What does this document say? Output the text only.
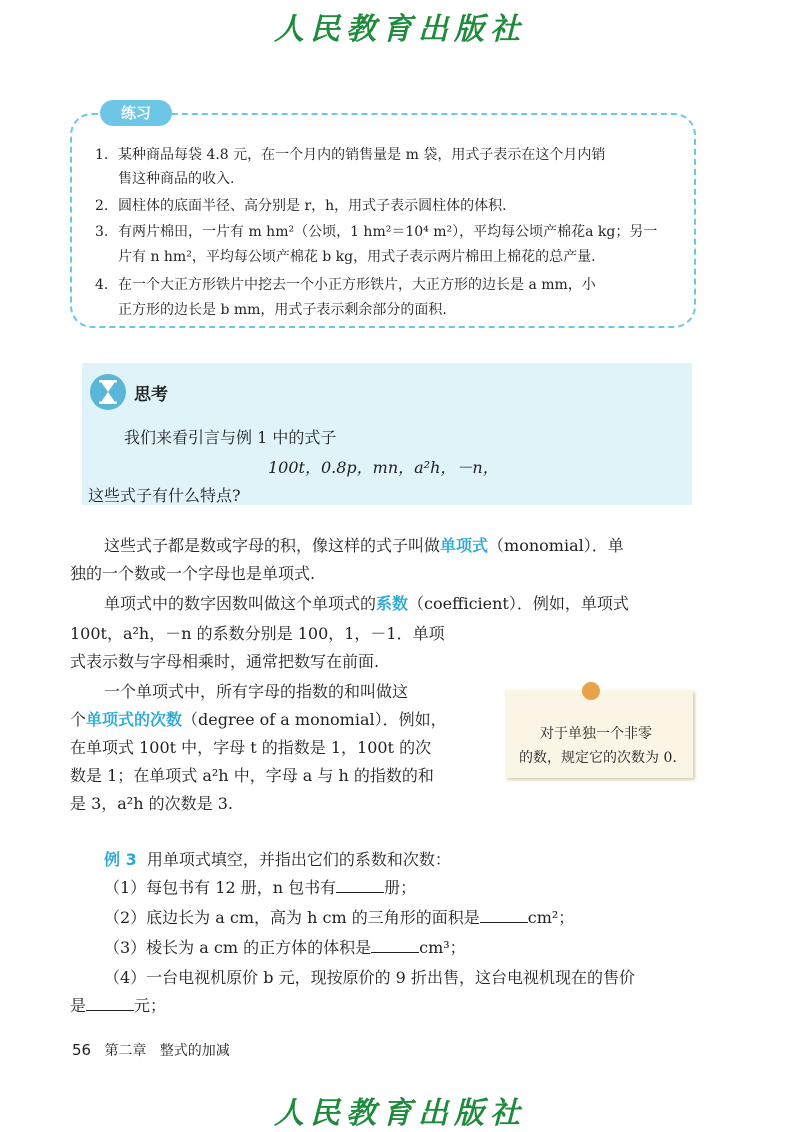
人民教育出版社
练习
1. 某种商品每袋 4.8 元，在一个月内的销售量是 m 袋，用式子表示在这个月内销
售这种商品的收入.
2. 圆柱体的底面半径、高分别是 r，h，用式子表示圆柱体的体积.
3. 有两片棉田，一片有 m hm²（公顷，1 hm²＝10⁴ m²），平均每公顷产棉花a kg；另一
片有 n hm²，平均每公顷产棉花 b kg，用式子表示两片棉田上棉花的总产量.
4. 在一个大正方形铁片中挖去一个小正方形铁片，大正方形的边长是 a mm，小
正方形的边长是 b mm，用式子表示剩余部分的面积.
思考
我们来看引言与例 1 中的式子
100t，0.8p，mn，a²h，－n，
这些式子有什么特点?
这些式子都是数或字母的积，像这样的式子叫做单项式（monomial）．单
独的一个数或一个字母也是单项式.
单项式中的数字因数叫做这个单项式的系数（coefficient）．例如，单项式
100t，a²h，－n 的系数分别是 100，1，－1．单项
式表示数与字母相乘时，通常把数写在前面.
一个单项式中，所有字母的指数的和叫做这
个单项式的次数（degree of a monomial）．例如，
在单项式 100t 中，字母 t 的指数是 1，100t 的次
数是 1；在单项式 a²h 中，字母 a 与 h 的指数的和
是 3，a²h 的次数是 3.
对于单独一个非零
的数，规定它的次数为 0.
例 3 用单项式填空，并指出它们的系数和次数：
（1）每包书有 12 册，n 包书有	册；
（2）底边长为 a cm，高为 h cm 的三角形的面积是	cm²；
（3）棱长为 a cm 的正方体的体积是	cm³；
（4）一台电视机原价 b 元，现按原价的 9 折出售，这台电视机现在的售价
是	元；
56 第二章 整式的加减
人民教育出版社
